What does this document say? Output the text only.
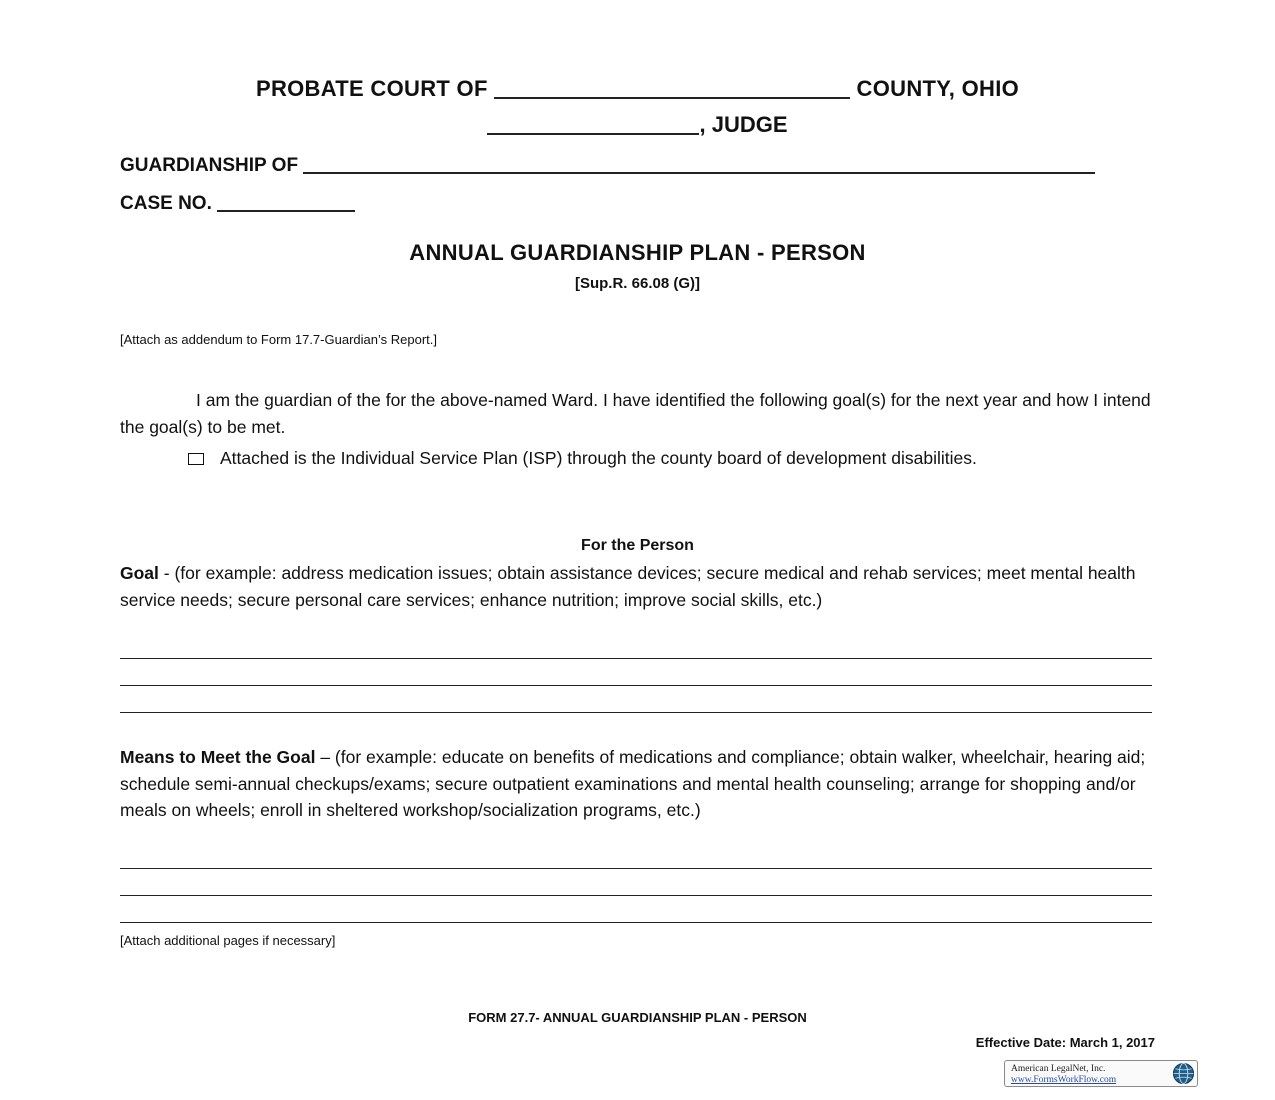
PROBATE COURT OF	COUNTY, OHIO
, JUDGE
GUARDIANSHIP OF
CASE NO.
ANNUAL GUARDIANSHIP PLAN - PERSON
[Sup.R. 66.08 (G)]
[Attach as addendum to Form 17.7-Guardian’s Report.]
I am the guardian of the for the above-named Ward. I have identified the following goal(s) for the next year and how I intend the goal(s) to be met.
Attached is the Individual Service Plan (ISP) through the county board of development disabilities.
For the Person
Goal - (for example: address medication issues; obtain assistance devices; secure medical and rehab services; meet mental health service needs; secure personal care services; enhance nutrition; improve social skills, etc.)
Means to Meet the Goal – (for example: educate on benefits of medications and compliance; obtain walker, wheelchair, hearing aid; schedule semi-annual checkups/exams; secure outpatient examinations and mental health counseling; arrange for shopping and/or meals on wheels; enroll in sheltered workshop/socialization programs, etc.)
[Attach additional pages if necessary]
FORM 27.7- ANNUAL GUARDIANSHIP PLAN - PERSON
Effective Date: March 1, 2017
American LegalNet, Inc.
www.FormsWorkFlow.com
